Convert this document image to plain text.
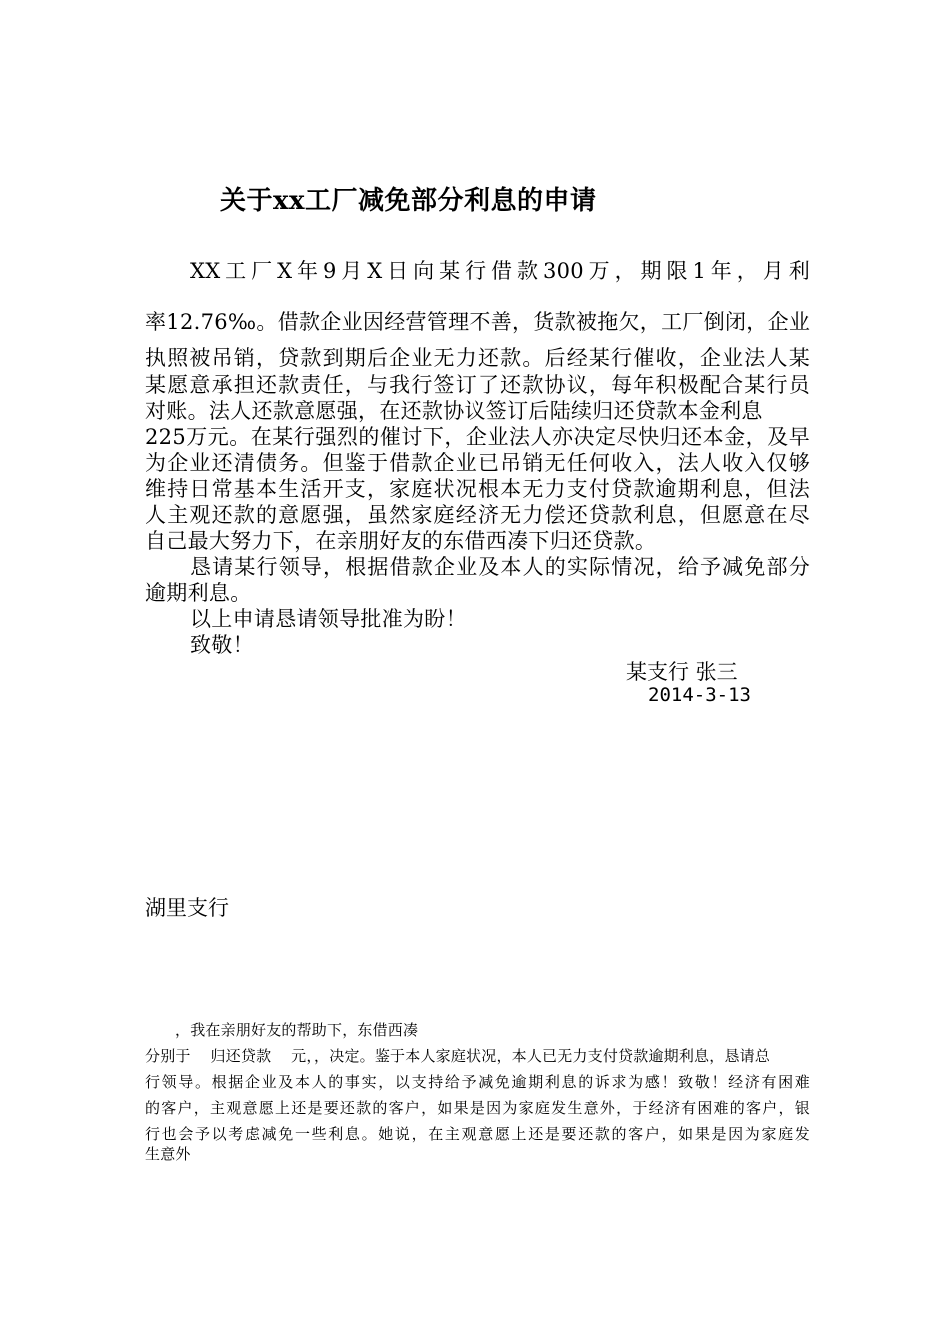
关于xx工厂减免部分利息的申请
XX工厂X年9月X日向某行借款300万，期限1年，月利
率12.76‰。借款企业因经营管理不善，货款被拖欠，工厂倒闭，企业
执照被吊销，贷款到期后企业无力还款。后经某行催收，企业法人某
某愿意承担还款责任，与我行签订了还款协议，每年积极配合某行员
对账。法人还款意愿强，在还款协议签订后陆续归还贷款本金利息
225万元。在某行强烈的催讨下，企业法人亦决定尽快归还本金，及早
为企业还清债务。但鉴于借款企业已吊销无任何收入，法人收入仅够
维持日常基本生活开支，家庭状况根本无力支付贷款逾期利息，但法
人主观还款的意愿强，虽然家庭经济无力偿还贷款利息，但愿意在尽
自己最大努力下，在亲朋好友的东借西凑下归还贷款。
恳请某行领导，根据借款企业及本人的实际情况，给予减免部分
逾期利息。
以上申请恳请领导批准为盼！
致敬！
某支行 张三
2014-3-13
湖里支行
，我在亲朋好友的帮助下，东借西凑
分别于    归还贷款    元，，决定。鉴于本人家庭状况，本人已无力支付贷款逾期利息，恳请总
行领导。根据企业及本人的事实，以支持给予减免逾期利息的诉求为感！致敬！经济有困难
的客户，主观意愿上还是要还款的客户，如果是因为家庭发生意外，于经济有困难的客户，银
行也会予以考虑减免一些利息。她说，在主观意愿上还是要还款的客户，如果是因为家庭发
生意外
